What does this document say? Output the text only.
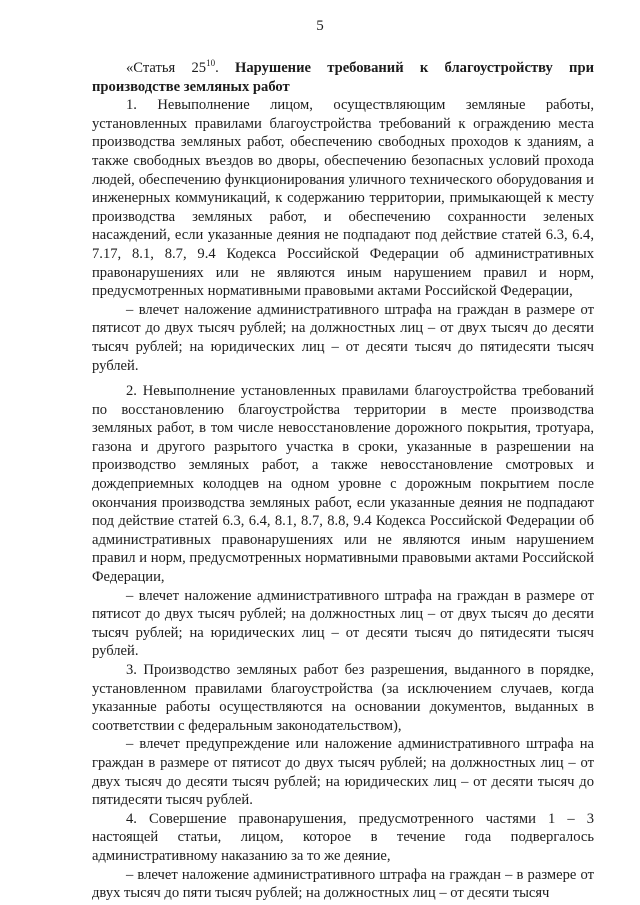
5

«Статья $25^{10}$. Нарушение требований к благоустройству при производстве земляных работ

1. Невыполнение лицом, осуществляющим земляные работы, установленных правилами благоустройства требований к ограждению места производства земляных работ, обеспечению свободных проходов к зданиям, а также свободных въездов во дворы, обеспечению безопасных условий прохода людей, обеспечению функционирования уличного технического оборудования и инженерных коммуникаций, к содержанию территории, примыкающей к месту производства земляных работ, и обеспечению сохранности зеленых насаждений, если указанные деяния не подпадают под действие статей 6.3, 6.4, 7.17, 8.1, 8.7, 9.4 Кодекса Российской Федерации об административных правонарушениях или не являются иным нарушением правил и норм, предусмотренных нормативными правовыми актами Российской Федерации,

– влечет наложение административного штрафа на граждан в размере от пятисот до двух тысяч рублей; на должностных лиц – от двух тысяч до десяти тысяч рублей; на юридических лиц – от десяти тысяч до пятидесяти тысяч рублей.

2. Невыполнение установленных правилами благоустройства требований по восстановлению благоустройства территории в месте производства земляных работ, в том числе невосстановление дорожного покрытия, тротуара, газона и другого разрытого участка в сроки, указанные в разрешении на производство земляных работ, а также невосстановление смотровых и дождеприемных колодцев на одном уровне с дорожным покрытием после окончания производства земляных работ, если указанные деяния не подпадают под действие статей 6.3, 6.4, 8.1, 8.7, 8.8, 9.4 Кодекса Российской Федерации об административных правонарушениях или не являются иным нарушением правил и норм, предусмотренных нормативными правовыми актами Российской Федерации,

– влечет наложение административного штрафа на граждан в размере от пятисот до двух тысяч рублей; на должностных лиц – от двух тысяч до десяти тысяч рублей; на юридических лиц – от десяти тысяч до пятидесяти тысяч рублей.

3. Производство земляных работ без разрешения, выданного в порядке, установленном правилами благоустройства (за исключением случаев, когда указанные работы осуществляются на основании документов, выданных в соответствии с федеральным законодательством),

– влечет предупреждение или наложение административного штрафа на граждан в размере от пятисот до двух тысяч рублей; на должностных лиц – от двух тысяч до десяти тысяч рублей; на юридических лиц – от десяти тысяч до пятидесяти тысяч рублей.

4. Совершение правонарушения, предусмотренного частями 1 – 3 настоящей статьи, лицом, которое в течение года подвергалось административному наказанию за то же деяние,

– влечет наложение административного штрафа на граждан – в размере от двух тысяч до пяти тысяч рублей; на должностных лиц – от десяти тысяч
